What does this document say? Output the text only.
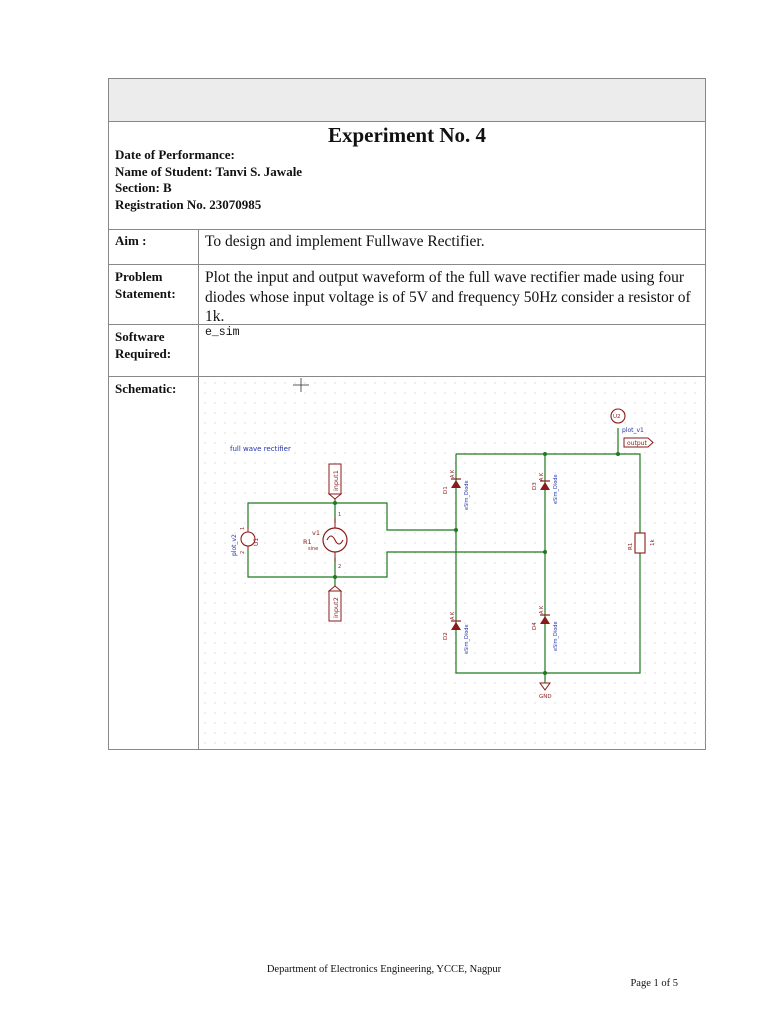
Experiment No. 4
Date of Performance:
Name of Student: Tanvi S. Jawale
Section: B
Registration No. 23070985
Aim :	To design and implement Fullwave Rectifier.
Problem
Statement:
Plot the input and output waveform of the full wave rectifier made using four diodes whose input voltage is of 5V and frequency 50Hz consider a resistor of 1k.
Software
Required:
e_sim
Schematic:
full wave rectifier
v1
R1
sine
1
2
plot_v2	U1
1
2
input1
input2
D1
A
K
eSim_Diode
D2
A
K
eSim_Diode
D3
A
K
eSim_Diode
D4
A
K
eSim_Diode
R1
1k
U2
plot_v1
output
GND
Department of Electronics Engineering, YCCE, Nagpur
Page 1 of 5
